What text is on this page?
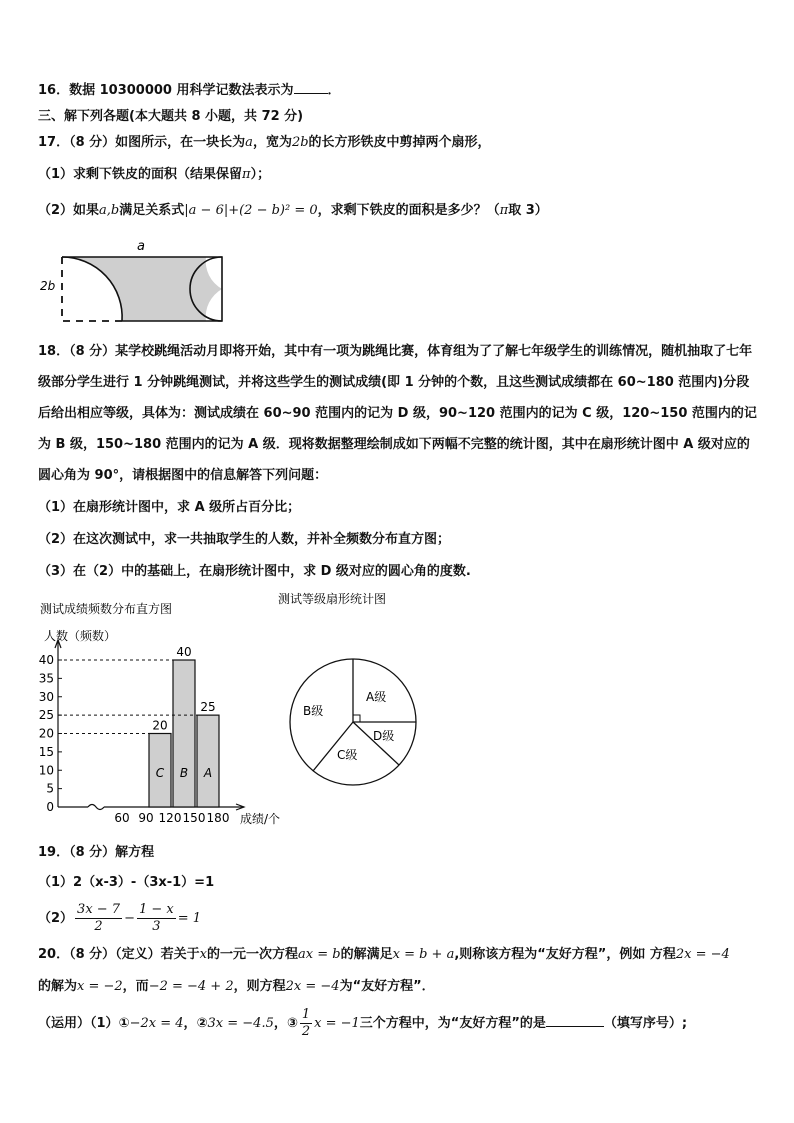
16．数据 10300000 用科学记数法表示为	．
三、解下列各题(本大题共 8 小题，共 72 分)
17．（8 分）如图所示，在一块长为a，宽为2b的长方形铁皮中剪掉两个扇形，
（1）求剩下铁皮的面积（结果保留π）；
（2）如果a,b满足关系式|a − 6|+(2 − b)² = 0，求剩下铁皮的面积是多少？（π取 3）
a
2b
18．（8 分）某学校跳绳活动月即将开始，其中有一项为跳绳比赛，体育组为了了解七年级学生的训练情况，随机抽取了七年级部分学生进行 1 分钟跳绳测试，并将这些学生的测试成绩(即 1 分钟的个数，且这些测试成绩都在 60~180 范围内)分段后给出相应等级，具体为：测试成绩在 60~90 范围内的记为 D 级，90~120 范围内的记为 C 级，120~150 范围内的记为 B 级，150~180 范围内的记为 A 级．现将数据整理绘制成如下两幅不完整的统计图，其中在扇形统计图中 A 级对应的圆心角为 90°，请根据图中的信息解答下列问题：
（1）在扇形统计图中，求 A 级所占百分比；
（2）在这次测试中，求一共抽取学生的人数，并补全频数分布直方图；
（3）在（2）中的基础上，在扇形统计图中，求 D 级对应的圆心角的度数.
测试成绩频数分布直方图
人数（频数）
0
5
10
15
20
25
30
35
40
60 90 120 150 180
20
C
40
B
25
A
成绩/个
测试等级扇形统计图
A级
D级
C级
B级
19．（8 分）解方程
（1）2（x-3）-（3x-1）=1
$(2) \frac{3x - 7}{2} - \frac{1 - x}{3} = 1$
20．（8 分）（定义）若关于x的一元一次方程ax = b的解满足x = b + a,则称该方程为“友好方程”，例如 方程2x = −4
的解为x = −2，而−2 = −4 + 2，则方程2x = −4为“友好方程”．
（运用）（1）①−2x = 4，②3x = −4.5，③ $\frac{1}{2}$ x = −1三个方程中，为“友好方程”的是	（填写序号）;
